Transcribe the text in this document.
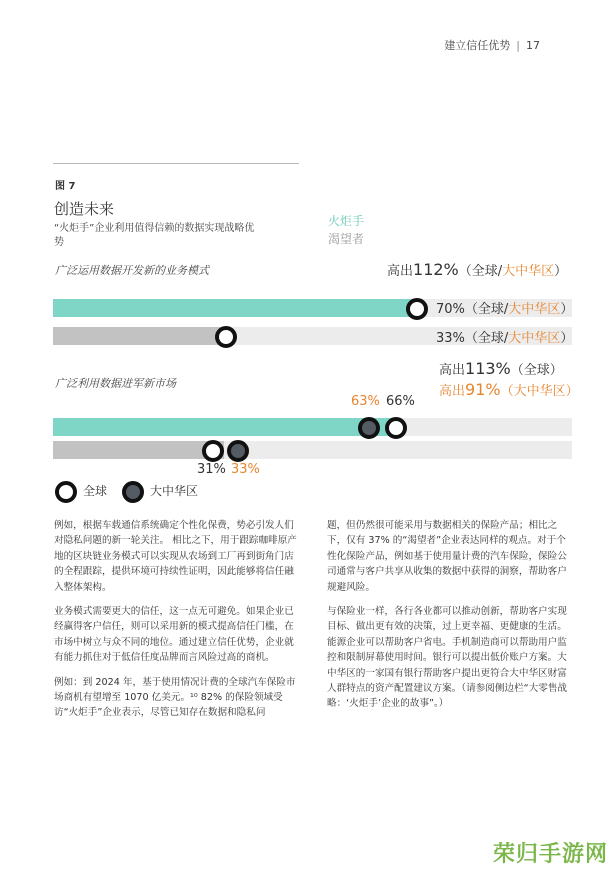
建立信任优势 | 17
图 7
创造未来
“火炬手”企业利用值得信赖的数据实现战略优势
火炬手
渴望者
广泛运用数据开发新的业务模式	高出112%（全球/大中华区）
70%（全球/大中华区）
33%（全球/大中华区）
高出113%（全球）
高出91%（大中华区）
广泛利用数据进军新市场
63% 66%
31% 33%
全球	大中华区

例如，根据车载通信系统确定个性化保费，势必引发人们对隐私问题的新一轮关注。 相比之下，用于跟踪咖啡原产地的区块链业务模式可以实现从农场到工厂再到街角门店的全程跟踪，提供环境可持续性证明，因此能够将信任融入整体架构。

业务模式需要更大的信任，这一点无可避免。如果企业已经赢得客户信任，则可以采用新的模式提高信任门槛，在市场中树立与众不同的地位。通过建立信任优势，企业就有能力抓住对于低信任度品牌而言风险过高的商机。

例如：到 2024 年，基于使用情况计费的全球汽车保险市场商机有望增至 1070 亿美元。¹⁰ 82% 的保险领域受访“火炬手”企业表示，尽管已知存在数据和隐私问

题，但仍然很可能采用与数据相关的保险产品；相比之下，仅有 37% 的“渴望者”企业表达同样的观点。对于个性化保险产品，例如基于使用量计费的汽车保险，保险公司通常与客户共享从收集的数据中获得的洞察，帮助客户规避风险。

与保险业一样，各行各业都可以推动创新，帮助客户实现目标、做出更有效的决策，过上更幸福、更健康的生活。能源企业可以帮助客户省电。手机制造商可以帮助用户监控和限制屏幕使用时间。银行可以提出低价账户方案。大中华区的一家国有银行帮助客户提出更符合大中华区财富人群特点的资产配置建议方案。（请参阅侧边栏“大零售战略：‘火炬手’企业的故事”。）

荣归手游网
